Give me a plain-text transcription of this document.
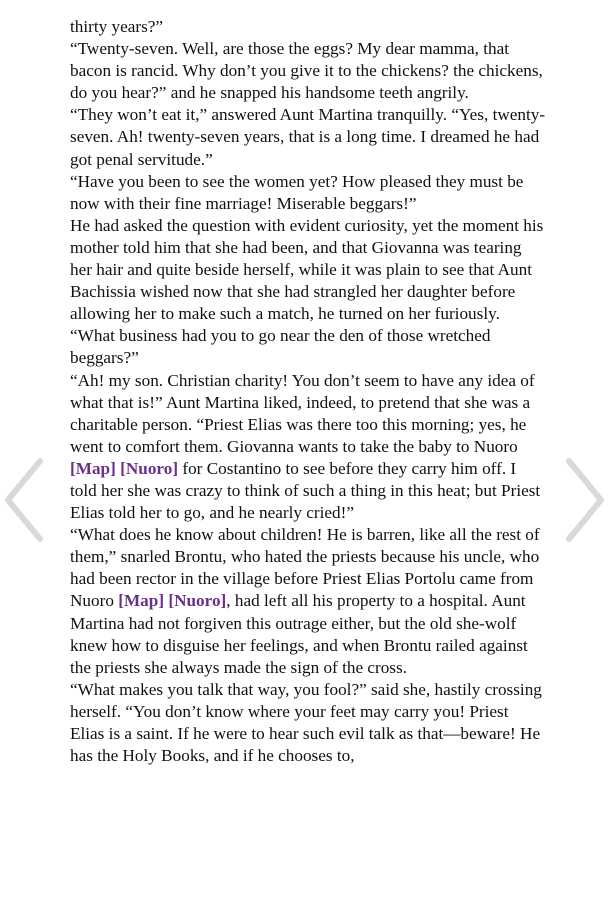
thirty years?”

“Twenty-seven. Well, are those the eggs? My dear mamma, that bacon is rancid. Why don’t you give it to the chickens? the chickens, do you hear?” and he snapped his handsome teeth angrily.

“They won’t eat it,” answered Aunt Martina tranquilly. “Yes, twenty-seven. Ah! twenty-seven years, that is a long time. I dreamed he had got penal servitude.”

“Have you been to see the women yet? How pleased they must be now with their fine marriage! Miserable beggars!”

He had asked the question with evident curiosity, yet the moment his mother told him that she had been, and that Giovanna was tearing her hair and quite beside herself, while it was plain to see that Aunt Bachissia wished now that she had strangled her daughter before allowing her to make such a match, he turned on her furiously.

“What business had you to go near the den of those wretched beggars?”

“Ah! my son. Christian charity! You don’t seem to have any idea of what that is!” Aunt Martina liked, indeed, to pretend that she was a charitable person. “Priest Elias was there too this morning; yes, he went to comfort them. Giovanna wants to take the baby to Nuoro [Map] [Nuoro] for Costantino to see before they carry him off. I told her she was crazy to think of such a thing in this heat; but Priest Elias told her to go, and he nearly cried!”

“What does he know about children! He is barren, like all the rest of them,” snarled Brontu, who hated the priests because his uncle, who had been rector in the village before Priest Elias Portolu came from Nuoro [Map] [Nuoro], had left all his property to a hospital. Aunt Martina had not forgiven this outrage either, but the old she-wolf knew how to disguise her feelings, and when Brontu railed against the priests she always made the sign of the cross.

“What makes you talk that way, you fool?” said she, hastily crossing herself. “You don’t know where your feet may carry you! Priest Elias is a saint. If he were to hear such evil talk as that—beware! He has the Holy Books, and if he chooses to,
